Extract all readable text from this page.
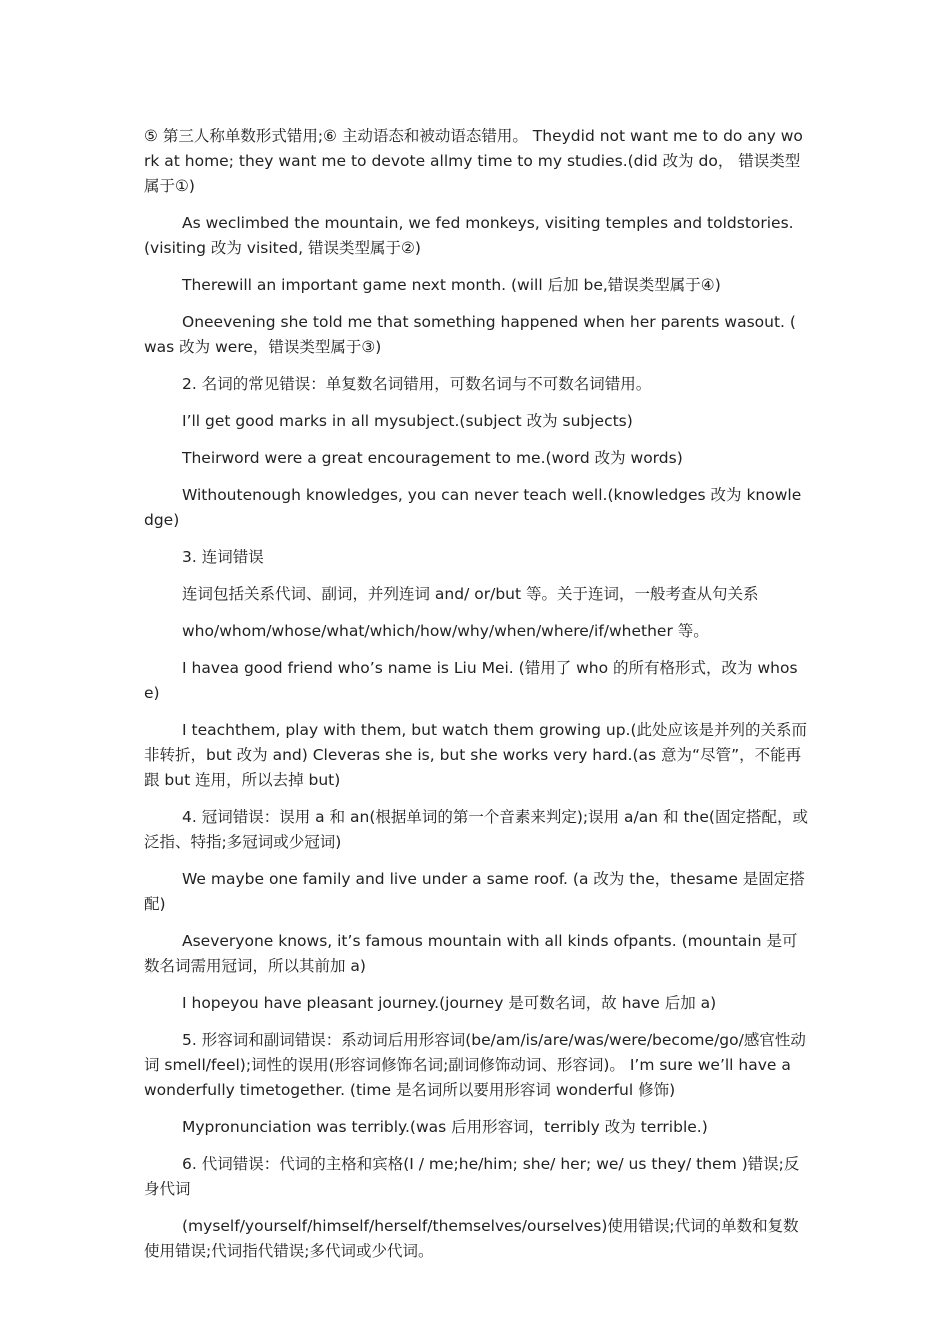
⑤ 第三人称单数形式错用;⑥ 主动语态和被动语态错用。 Theydid not want me to do any work at home; they want me to devote allmy time to my studies.(did 改为 do， 错误类型属于①)

As weclimbed the mountain, we fed monkeys, visiting temples and toldstories. (visiting 改为 visited, 错误类型属于②)

Therewill an important game next month. (will 后加 be,错误类型属于④)

Oneevening she told me that something happened when her parents wasout. ( was 改为 were，错误类型属于③)

2. 名词的常见错误：单复数名词错用，可数名词与不可数名词错用。

I’ll get good marks in all mysubject.(subject 改为 subjects)

Theirword were a great encouragement to me.(word 改为 words)

Withoutenough knowledges, you can never teach well.(knowledges 改为 knowledge)

3. 连词错误

连词包括关系代词、副词，并列连词 and/ or/but 等。关于连词，一般考查从句关系

who/whom/whose/what/which/how/why/when/where/if/whether 等。

I havea good friend who’s name is Liu Mei. (错用了 who 的所有格形式，改为 whose)

I teachthem, play with them, but watch them growing up.(此处应该是并列的关系而非转折，but 改为 and) Cleveras she is, but she works very hard.(as 意为“尽管”，不能再跟 but 连用，所以去掉 but)

4. 冠词错误：误用 a 和 an(根据单词的第一个音素来判定);误用 a/an 和 the(固定搭配，或泛指、特指;多冠词或少冠词)

We maybe one family and live under a same roof. (a 改为 the，thesame 是固定搭配)

Aseveryone knows, it’s famous mountain with all kinds ofpants. (mountain 是可数名词需用冠词，所以其前加 a)

I hopeyou have pleasant journey.(journey 是可数名词，故 have 后加 a)

5. 形容词和副词错误：系动词后用形容词(be/am/is/are/was/were/become/go/感官性动词 smell/feel);词性的误用(形容词修饰名词;副词修饰动词、形容词)。 I’m sure we’ll have a wonderfully timetogether. (time 是名词所以要用形容词 wonderful 修饰)

Mypronunciation was terribly.(was 后用形容词，terribly 改为 terrible.)

6. 代词错误：代词的主格和宾格(I / me;he/him; she/ her; we/ us they/ them )错误;反身代词

(myself/yourself/himself/herself/themselves/ourselves)使用错误;代词的单数和复数使用错误;代词指代错误;多代词或少代词。
